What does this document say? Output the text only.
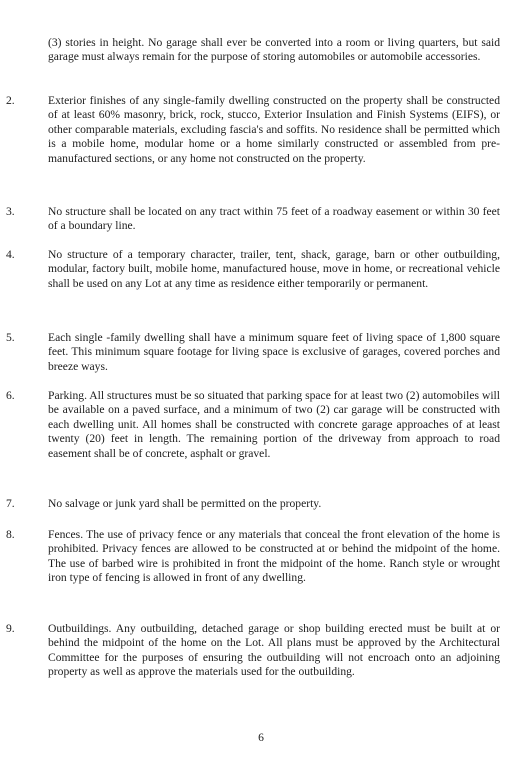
(3) stories in height. No garage shall ever be converted into a room or living quarters, but said garage must always remain for the purpose of storing automobiles or automobile accessories.
2.	Exterior finishes of any single-family dwelling constructed on the property shall be constructed of at least 60% masonry, brick, rock, stucco, Exterior Insulation and Finish Systems (EIFS), or other comparable materials, excluding fascia's and soffits. No residence shall be permitted which is a mobile home, modular home or a home similarly constructed or assembled from pre-manufactured sections, or any home not constructed on the property.
3.	No structure shall be located on any tract within 75 feet of a roadway easement or within 30 feet of a boundary line.
4.	No structure of a temporary character, trailer, tent, shack, garage, barn or other outbuilding, modular, factory built, mobile home, manufactured house, move in home, or recreational vehicle shall be used on any Lot at any time as residence either temporarily or permanent.
5.	Each single -family dwelling shall have a minimum square feet of living space of 1,800 square feet. This minimum square footage for living space is exclusive of garages, covered porches and breeze ways.
6.	Parking. All structures must be so situated that parking space for at least two (2) automobiles will be available on a paved surface, and a minimum of two (2) car garage will be constructed with each dwelling unit. All homes shall be constructed with concrete garage approaches of at least twenty (20) feet in length. The remaining portion of the driveway from approach to road easement shall be of concrete, asphalt or gravel.
7.	No salvage or junk yard shall be permitted on the property.
8.	Fences. The use of privacy fence or any materials that conceal the front elevation of the home is prohibited. Privacy fences are allowed to be constructed at or behind the midpoint of the home. The use of barbed wire is prohibited in front the midpoint of the home. Ranch style or wrought iron type of fencing is allowed in front of any dwelling.
9.	Outbuildings. Any outbuilding, detached garage or shop building erected must be built at or behind the midpoint of the home on the Lot. All plans must be approved by the Architectural Committee for the purposes of ensuring the outbuilding will not encroach onto an adjoining property as well as approve the materials used for the outbuilding.
6
